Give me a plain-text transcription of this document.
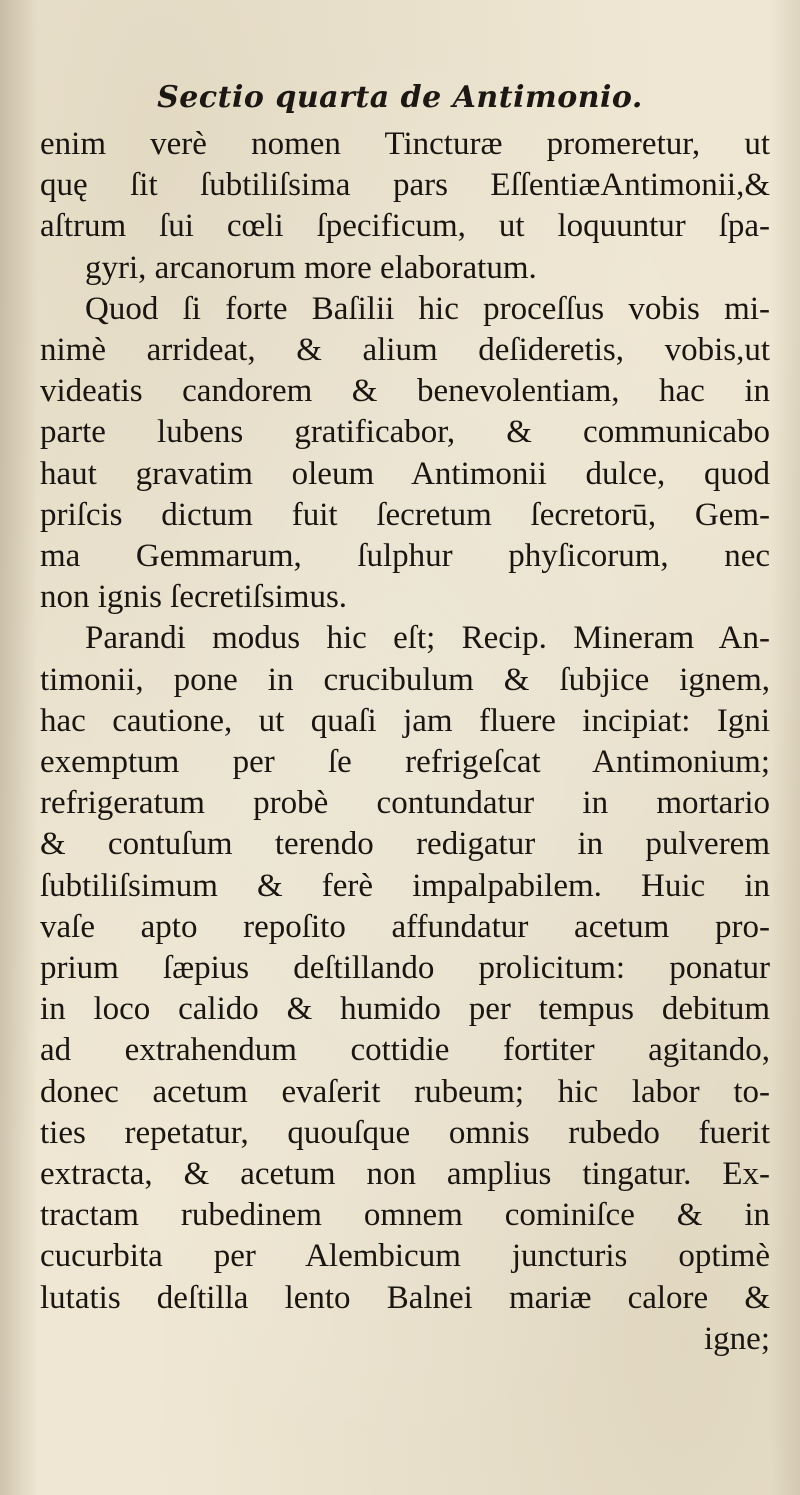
Sectio quarta de Antimonio.
enim verè nomen Tincturæ promeretur, ut
quę ſit ſubtiliſsima pars EſſentiæAntimonii,&
aſtrum ſui cœli ſpecificum, ut loquuntur ſpa-
gyri, arcanorum more elaboratum.
Quod ſi forte Baſilii hic proceſſus vobis mi-
nimè arrideat, & alium deſideretis, vobis,ut
videatis candorem & benevolentiam, hac in
parte lubens gratificabor, & communicabo
haut gravatim oleum Antimonii dulce, quod
priſcis dictum fuit ſecretum ſecretorū, Gem-
ma Gemmarum, ſulphur phyſicorum, nec
non ignis ſecretiſsimus.
Parandi modus hic eſt; Recip. Mineram An-
timonii, pone in crucibulum & ſubjice ignem,
hac cautione, ut quaſi jam fluere incipiat: Igni
exemptum per ſe refrigeſcat Antimonium;
refrigeratum probè contundatur in mortario
& contuſum terendo redigatur in pulverem
ſubtiliſsimum & ferè impalpabilem. Huic in
vaſe apto repoſito affundatur acetum pro-
prium ſæpius deſtillando prolicitum: ponatur
in loco calido & humido per tempus debitum
ad extrahendum cottidie fortiter agitando,
donec acetum evaſerit rubeum; hic labor to-
ties repetatur, quouſque omnis rubedo fuerit
extracta, & acetum non amplius tingatur. Ex-
tractam rubedinem omnem cominiſce & in
cucurbita per Alembicum juncturis optimè
lutatis deſtilla lento Balnei mariæ calore &
igne;
